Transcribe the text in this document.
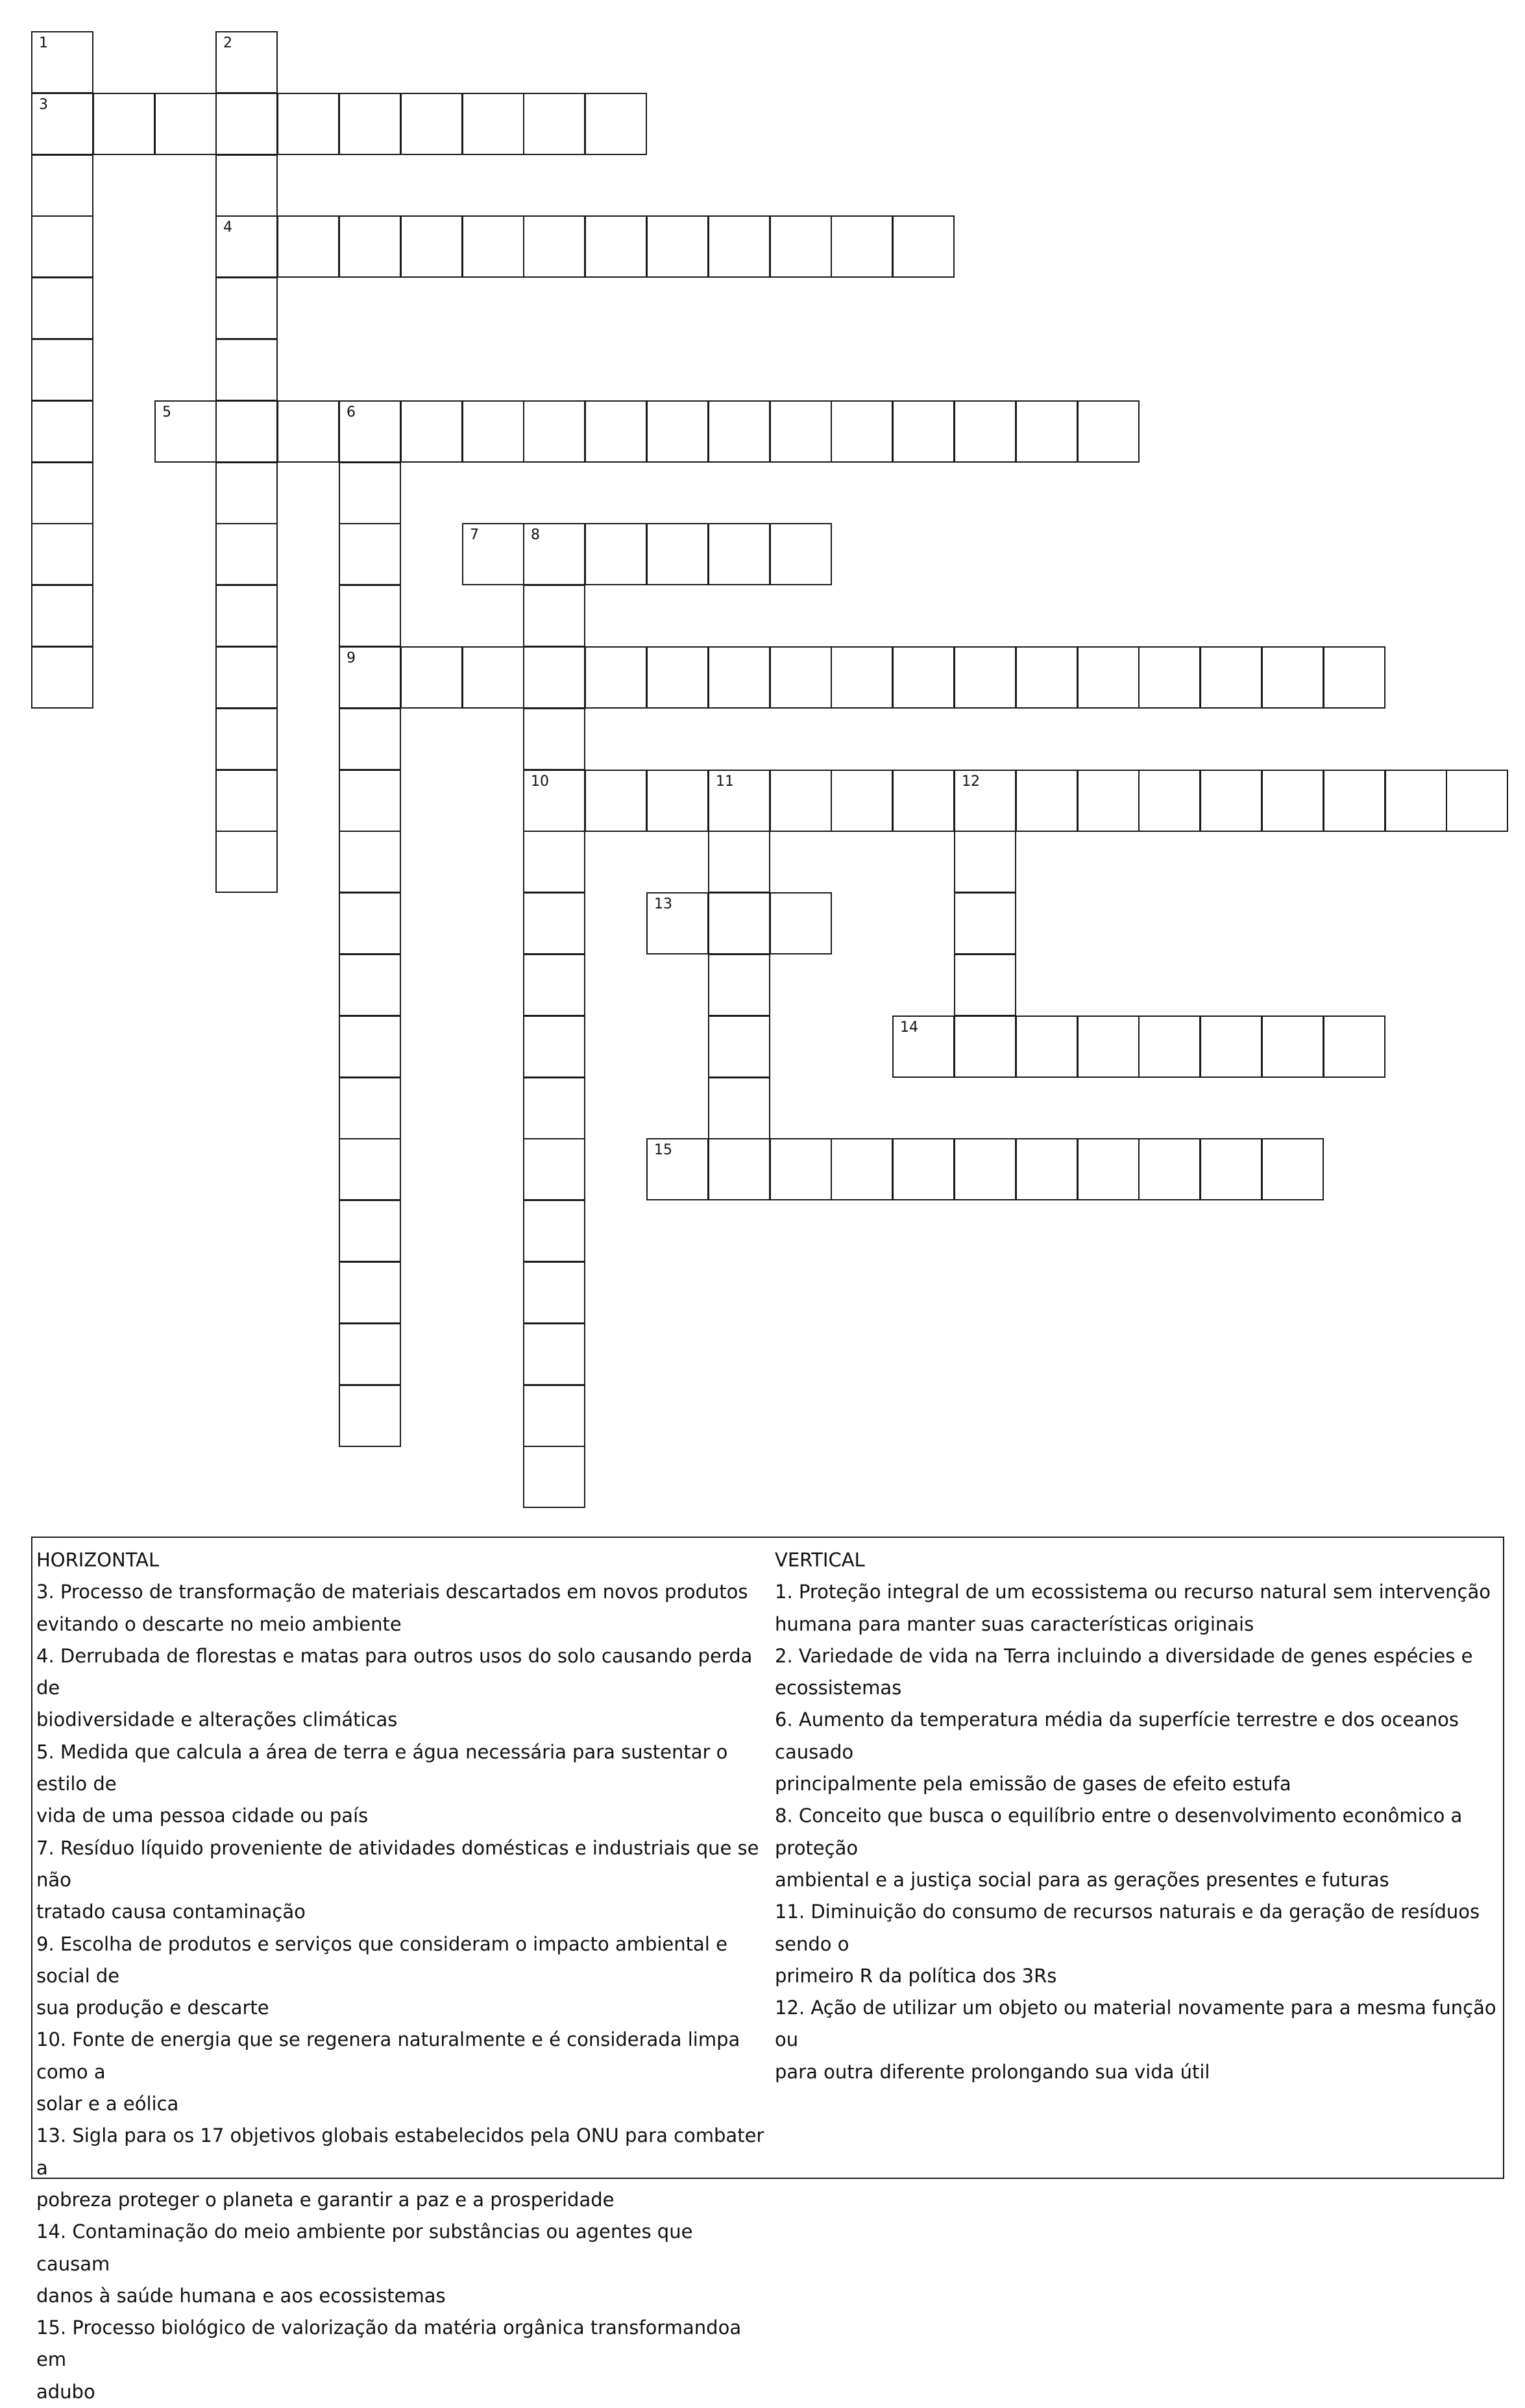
1
3
2
4
5	6
9
7	8
10	11	12
13
14
15

HORIZONTAL

3. Processo de transformação de materiais descartados em novos produtos

evitando o descarte no meio ambiente

4. Derrubada de florestas e matas para outros usos do solo causando perda de

biodiversidade e alterações climáticas

5. Medida que calcula a área de terra e água necessária para sustentar o estilo de

vida de uma pessoa cidade ou país

7. Resíduo líquido proveniente de atividades domésticas e industriais que se não

tratado causa contaminação

9. Escolha de produtos e serviços que consideram o impacto ambiental e social de

sua produção e descarte

10. Fonte de energia que se regenera naturalmente e é considerada limpa como a

solar e a eólica

13. Sigla para os 17 objetivos globais estabelecidos pela ONU para combater a

pobreza proteger o planeta e garantir a paz e a prosperidade

14. Contaminação do meio ambiente por substâncias ou agentes que causam

danos à saúde humana e aos ecossistemas

15. Processo biológico de valorização da matéria orgânica transformandoa em

adubo

VERTICAL

1. Proteção integral de um ecossistema ou recurso natural sem intervenção

humana para manter suas características originais

2. Variedade de vida na Terra incluindo a diversidade de genes espécies e

ecossistemas

6. Aumento da temperatura média da superfície terrestre e dos oceanos causado

principalmente pela emissão de gases de efeito estufa

8. Conceito que busca o equilíbrio entre o desenvolvimento econômico a proteção

ambiental e a justiça social para as gerações presentes e futuras

11. Diminuição do consumo de recursos naturais e da geração de resíduos sendo o

primeiro R da política dos 3Rs

12. Ação de utilizar um objeto ou material novamente para a mesma função ou

para outra diferente prolongando sua vida útil
